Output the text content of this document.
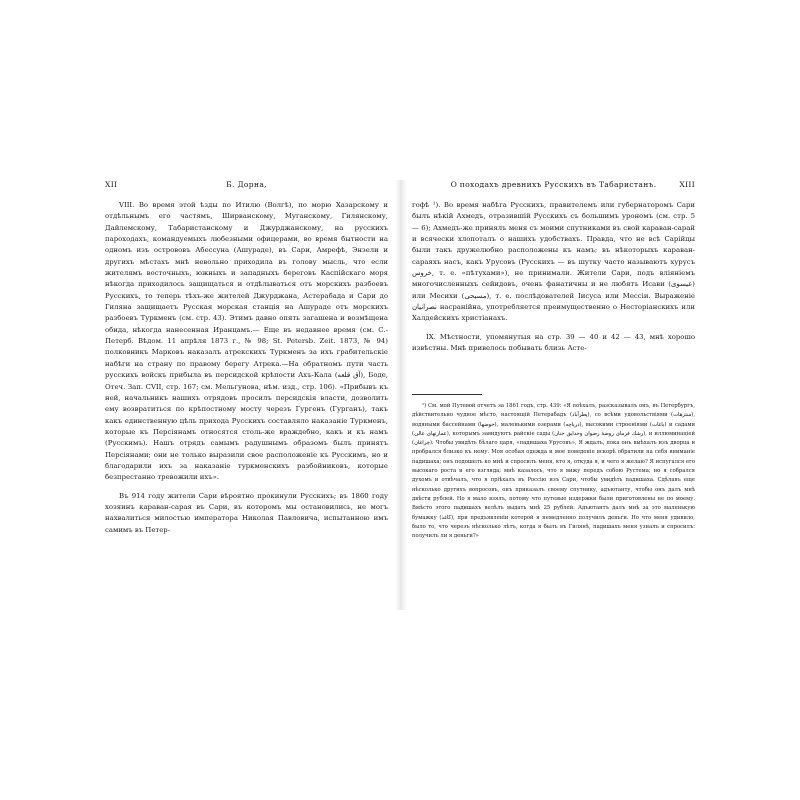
XII	Б. Дорна,

VIII. Во время этой ѣзды по Итилю (Волгѣ), по морю Хазарскому и отдѣльнымъ его частямъ, Ширванскому, Муганскому, Гилянскому, Дайлемскому, Табаристанскому и Джурджанскому, на русскихъ пароходахъ, командуемыхъ любезными офицерами, во время бытности на одномъ изъ острововъ Абессуна (Ашураде), въ Сари, Амрефѣ, Энзели и другихъ мѣстахъ мнѣ невольно приходила въ голову мысль, что если жителямъ восточныхъ, южныхъ и западныхъ береговъ Каспійскаго моря нѣкогда приходилось защищаться и отдѣлываться отъ морскихъ разбоевъ Русскихъ, то теперь тѣхъ-же жителей Джурджана, Астерабада и Сари до Гиляна защищаетъ Русская морская станція на Ашураде отъ морскихъ разбоевъ Туркменъ (см. стр. 43). Этимъ давно опять загашена и возмѣщена обида, нѣкогда нанесенная Иранцамъ.— Еще въ недавнее время (см. С.-Петерб. Вѣдом. 11 апрѣля 1873 г., № 98; St. Petersb. Zeit. 1873, № 94) полковникъ Марковъ наказалъ атрекскихъ Туркменъ за ихъ грабительскіе набѣги на страну по правому берегу Атрека.—На обратномъ пути часть русскихъ войскъ прибыла въ персидской крѣпости Ахъ-Кала (آق قلعه), Боде, Отеч. Зап. CVII, стр. 167; см. Мельгунова, нѣм. изд., стр. 106). «Прибывъ къ ней, начальникъ нашихъ отрядовъ просилъ персидскія власти, дозволить ему возвратиться по крѣпостному мосту черезъ Гургенъ (Гурганъ), такъ какъ единственную цѣль прихода Русскихъ составляло наказаніе Туркменъ, которые къ Персіянамъ относятся столь-же враждебно, какъ и къ намъ (Русскимъ). Нашъ отрядъ самымъ радушнымъ образомъ былъ принятъ Персіянами; они не только выразили свое расположеніе къ Русскимъ, но и благодарили ихъ за наказаніе туркменскихъ разбойниковъ, которые безпрестанно тревожили ихъ».

Въ 914 году жители Сари вѣроятно прокинули Русскихъ; въ 1860 году хозяинъ караван-сарая въ Сари, въ которомъ мы остановились, не могъ нахвалиться милостью императора Николая Павловича, испытанною имъ самимъ въ Петер-

О походахъ древнихъ Русскихъ въ Табаристанъ.	XIII

гофѣ ¹). Во время набѣга Русскихъ, правителемъ или губернаторомъ Сари былъ нѣкій Ахмедъ, отразившій Русскихъ съ большимъ урономъ (см. стр. 5 — 6); Ахмедъ-же принялъ меня съ моими спутниками въ свой караван-сарай и всячески хлопоталъ о нашихъ удобствахъ. Правда, что не всѣ Сарійцы были такъ дружелюбно расположены къ намъ; въ нѣкоторыхъ караван-сараяхъ насъ, какъ Урусовъ (Русскихъ — въ шутку часто называютъ хурусъ خروس, т. е. «пѣтухами»), не принимали. Жители Сари, подъ вліяніемъ многочисленныхъ сейидовъ, очень фанатичны и не любятъ Исави (عيسوى) или Месихи (مسيحى), т. е. послѣдователей Іисуса или Мессіи. Выраженіе نصرانيان насранійна, употребляется преимущественно о Несторіанскихъ или Халдейскихъ христіанахъ.

IX. Мѣстности, упомянутыя на стр. 39 — 40 и 42 — 43, мнѣ хорошо извѣстны. Мнѣ привелось побывать близь Асте-

¹) См. мой Путевой отчетъ за 1861 годъ, стр. 439: «Я поѣхалъ, разсказывалъ онъ, въ Петербургъ, дѣйствительно чудное мѣсто, настоящій Петерабадъ (پطرآباد), со всѣми удовольствіями (منتزهات), водяными бассейнами (حوضها), маленькими озерами (درياچه), высокими строеніями (باغات) и садами (عمارتهاى عالى), которымъ завидуютъ райскіе сады (رشك فرماى روضهٔ رضوان وحدايق جنان), и иллюминаціей (چراغان). Чтобы увидѣть бѣлаго царя, «падишаха Урусовъ», Я ждалъ, пока онъ выѣхалъ изъ дворца и пробрался близко къ нему. Моя особая одежда и мое поведеніе вскорѣ обратили на себя вниманіе падишаха; онъ подошелъ ко мнѣ и спросилъ меня, кто я, откуда я, и чего я желаю? Я испугался его высокаго роста и его взгляда; мнѣ казалось, что я вижу передъ собою Рустема; но я собрался духомъ и отвѣчалъ, что я пріѣхалъ въ Россію изъ Сари, чтобы увидѣть падишаха. Сдѣлавъ еще нѣсколько другихъ вопросовъ, онъ приказалъ своему спутнику, адъютанту, чтобы онъ далъ мнѣ двѣсти рублей. Но я мало взялъ, потому что путевые издержки были приготовлены не по моему. Вмѣсто этого падишахъ велѣлъ выдать мнѣ 25 рублей. Адъютантъ далъ мнѣ за это маленькую бумажку (كاغذ), при предъявленіи которой я немедленно получилъ деньги. Но что меня удивило, было то, что черезъ нѣсколько лѣтъ, когда я былъ въ Гилянѣ, падишахъ меня узналъ и спросилъ: получилъ ли я деньги?»
